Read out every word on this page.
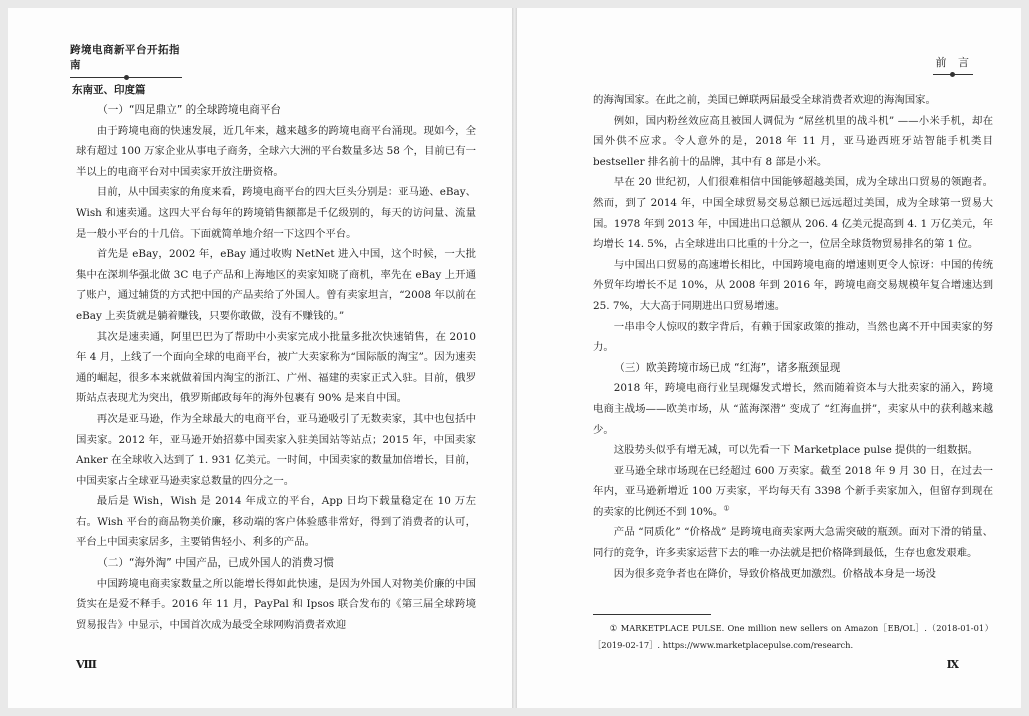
跨境电商新平台开拓指南
东南亚、印度篇
（一）“四足鼎立” 的全球跨境电商平台

由于跨境电商的快速发展，近几年来，越来越多的跨境电商平台涌现。现如今，全球有超过 100 万家企业从事电子商务，全球六大洲的平台数量多达 58 个，目前已有一半以上的电商平台对中国卖家开放注册资格。

目前，从中国卖家的角度来看，跨境电商平台的四大巨头分别是：亚马逊、eBay、Wish 和速卖通。这四大平台每年的跨境销售额都是千亿级别的，每天的访问量、流量是一般小平台的十几倍。下面就简单地介绍一下这四个平台。

首先是 eBay，2002 年，eBay 通过收购 NetNet 进入中国，这个时候，一大批集中在深圳华强北做 3C 电子产品和上海地区的卖家知晓了商机，率先在 eBay 上开通了账户，通过辅货的方式把中国的产品卖给了外国人。曾有卖家坦言，“2008 年以前在 eBay 上卖货就是躺着赚钱，只要你敢做，没有不赚钱的。”

其次是速卖通，阿里巴巴为了帮助中小卖家完成小批量多批次快速销售，在 2010 年 4 月，上线了一个面向全球的电商平台，被广大卖家称为“国际版的淘宝”。因为速卖通的崛起，很多本来就做着国内淘宝的浙江、广州、福建的卖家正式入驻。目前，俄罗斯站点表现尤为突出，俄罗斯邮政每年的海外包裹有 90% 是来自中国。

再次是亚马逊，作为全球最大的电商平台，亚马逊吸引了无数卖家，其中也包括中国卖家。2012 年，亚马逊开始招募中国卖家入驻美国站等站点；2015 年，中国卖家 Anker 在全球收入达到了 1. 931 亿美元。一时间，中国卖家的数量加倍增长，目前，中国卖家占全球亚马逊卖家总数量的四分之一。

最后是 Wish，Wish 是 2014 年成立的平台，App 日均下载量稳定在 10 万左右。Wish 平台的商品物美价廉，移动端的客户体验感非常好，得到了消费者的认可，平台上中国卖家居多，主要销售轻小、利多的产品。

（二）“海外淘” 中国产品，已成外国人的消费习惯

中国跨境电商卖家数量之所以能增长得如此快速，是因为外国人对物美价廉的中国货实在是爱不释手。2016 年 11 月，PayPal 和 Ipsos 联合发布的《第三届全球跨境贸易报告》中显示，中国首次成为最受全球网购消费者欢迎

Ⅷ
前 言

的海淘国家。在此之前，美国已蝉联两届最受全球消费者欢迎的海淘国家。

例如，国内粉丝效应高且被国人调侃为 “屌丝机里的战斗机” ——小米手机，却在国外供不应求。令人意外的是，2018 年 11 月，亚马逊西班牙站智能手机类目 bestseller 排名前十的品牌，其中有 8 部是小米。

早在 20 世纪初，人们很难相信中国能够超越美国，成为全球出口贸易的领跑者。然而，到了 2014 年，中国全球贸易交易总额已远远超过美国，成为全球第一贸易大国。1978 年到 2013 年，中国进出口总额从 206. 4 亿美元提高到 4. 1 万亿美元，年均增长 14. 5%，占全球进出口比重的十分之一，位居全球货物贸易排名的第 1 位。

与中国出口贸易的高速增长相比，中国跨境电商的增速则更令人惊讶：中国的传统外贸年均增长不足 10%，从 2008 年到 2016 年，跨境电商交易规模年复合增速达到 25. 7%，大大高于同期进出口贸易增速。

一串串令人惊叹的数字背后，有赖于国家政策的推动，当然也离不开中国卖家的努力。

（三）欧美跨境市场已成 “红海”，诸多瓶颈显现

2018 年，跨境电商行业呈现爆发式增长，然而随着资本与大批卖家的涌入，跨境电商主战场——欧美市场，从 “蓝海深潜” 变成了 “红海血拼”，卖家从中的获利越来越少。

这股势头似乎有增无减，可以先看一下 Marketplace pulse 提供的一组数据。

亚马逊全球市场现在已经超过 600 万卖家。截至 2018 年 9 月 30 日，在过去一年内，亚马逊新增近 100 万卖家，平均每天有 3398 个新手卖家加入，但留存到现在的卖家的比例还不到 10%。①

产品 “同质化” “价格战” 是跨境电商卖家两大急需突破的瓶颈。面对下滑的销量、同行的竞争，许多卖家运营下去的唯一办法就是把价格降到最低，生存也愈发艰难。

因为很多竞争者也在降价，导致价格战更加激烈。价格战本身是一场没

① MARKETPLACE PULSE. One million new sellers on Amazon［EB/OL］.（2018-01-01）［2019-02-17］. https://www.marketplacepulse.com/research.

Ⅸ
